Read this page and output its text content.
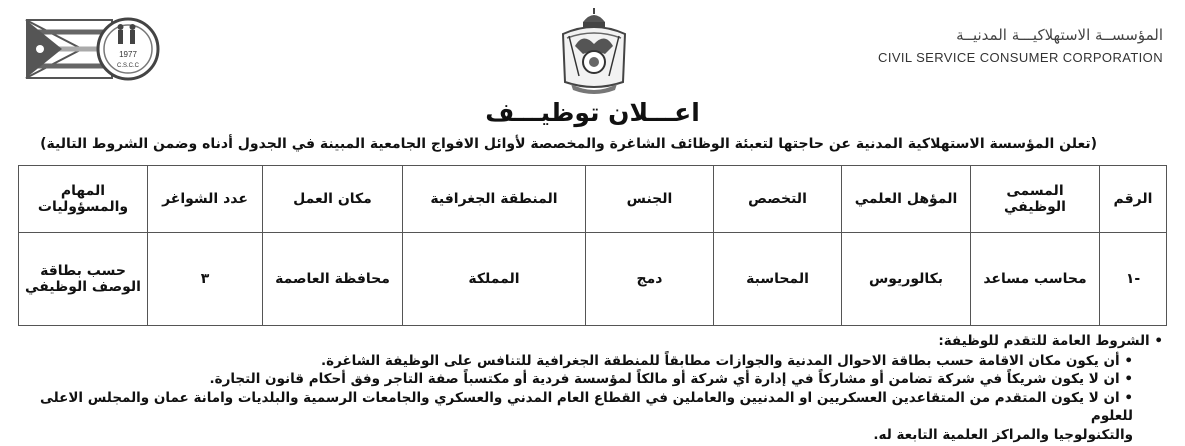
1977
C.S.C.C
المؤسســة الاستهلاكيـــة المدنيــة
CIVIL SERVICE CONSUMER CORPORATION
اعـــلان توظيـــف
(تعلن المؤسسة الاستهلاكية المدنية عن حاجتها لتعبئة الوظائف الشاغرة والمخصصة لأوائل الافواج الجامعية المبينة في الجدول أدناه وضمن الشروط التالية)
الرقم	المسمى الوظيفي	المؤهل العلمي	التخصص	الجنس	المنطقة الجغرافية	مكان العمل	عدد الشواغر	المهام والمسؤوليات
-١	محاسب مساعد	بكالوريوس	المحاسبة	دمج	المملكة	محافظة العاصمة	٣	حسب بطاقة
الوصف الوظيفي
• الشروط العامة للتقدم للوظيفة:
• أن يكون مكان الاقامة حسب بطاقة الاحوال المدنية والجوازات مطابقاً للمنطقة الجغرافية للتنافس على الوظيفة الشاغرة.
• ان لا يكون شريكاً في شركة تضامن أو مشاركاً في إدارة أي شركة أو مالكاً لمؤسسة فردية أو مكتسباً صفة التاجر وفق أحكام قانون التجارة.
• ان لا يكون المتقدم من المتقاعدين العسكريين او المدنيين والعاملين في القطاع العام المدني والعسكري والجامعات الرسمية والبلديات وامانة عمان والمجلس الاعلى للعلوم
والتكنولوجيا والمراكز العلمية التابعة له.
